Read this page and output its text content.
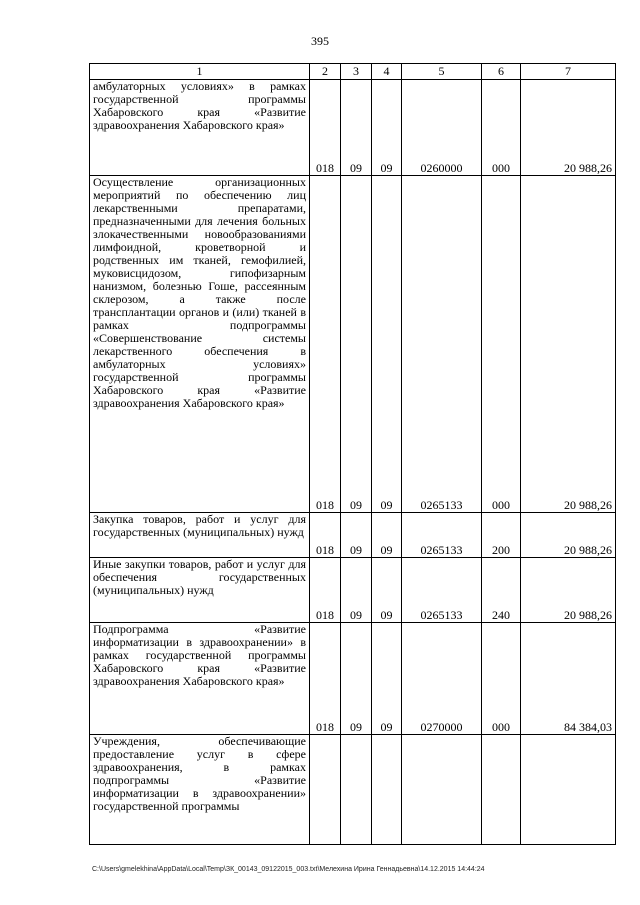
395
1	2	3	4	5	6	7

амбулаторных условиях» в рамках государственной программы Хабаровского края «Развитие здравоохранения Хабаровского края»	018	09	09	0260000	000	20 988,26

Осуществление организационных мероприятий по обеспечению лиц лекарственными препаратами, предназначенными для лечения больных злокачественными новообразованиями лимфоидной, кроветворной и родственных им тканей, гемофилией, муковисцидозом, гипофизарным нанизмом, болезнью Гоше, рассеянным склерозом, а также после трансплантации органов и (или) тканей в рамках подпрограммы «Совершенствование системы лекарственного обеспечения в амбулаторных условиях» государственной программы Хабаровского края «Развитие здравоохранения Хабаровского края»	018	09	09	0265133	000	20 988,26

Закупка товаров, работ и услуг для государственных (муниципальных) нужд	018	09	09	0265133	200	20 988,26

Иные закупки товаров, работ и услуг для обеспечения государственных (муниципальных) нужд	018	09	09	0265133	240	20 988,26

Подпрограмма «Развитие информатизации в здравоохранении» в рамках государственной программы Хабаровского края «Развитие здравоохранения Хабаровского края»	018	09	09	0270000	000	84 384,03

Учреждения, обеспечивающие предоставление услуг в сфере здравоохранения, в рамках подпрограммы «Развитие информатизации в здравоохранении» государственной программы						

C:\Users\gmelekhina\AppData\Local\Temp\ЗК_00143_09122015_003.txt\Мелехина Ирина Геннадьевна\14.12.2015 14:44:24
